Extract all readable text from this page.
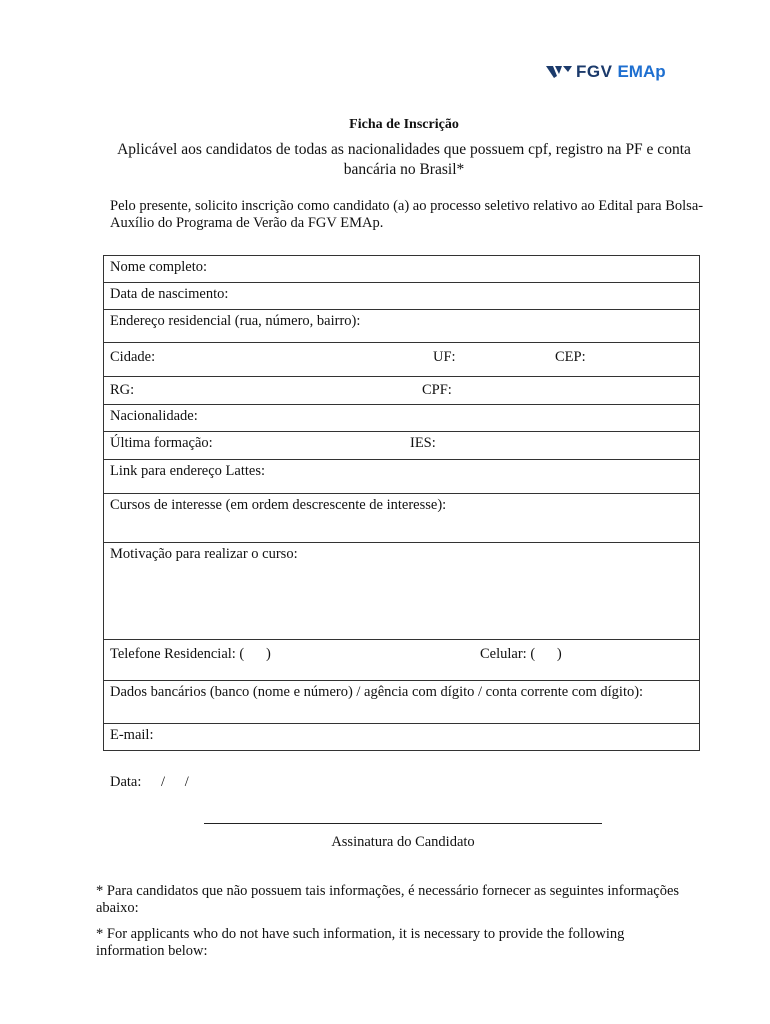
FGV EMAp
Ficha de Inscrição
Aplicável aos candidatos de todas as nacionalidades que possuem cpf, registro na PF e conta bancária no Brasil*
Pelo presente, solicito inscrição como candidato (a) ao processo seletivo relativo ao Edital para Bolsa-Auxílio do Programa de Verão da FGV EMAp.
Nome completo:
Data de nascimento:
Endereço residencial (rua, número, bairro):
Cidade:	UF:	CEP:

RG:	CPF:

Nacionalidade:
Última formação:	IES:

Link para endereço Lattes:
Cursos de interesse (em ordem descrescente de interesse):
Motivação para realizar o curso:
Telefone Residencial: (      )	Celular: (      )

Dados bancários (banco (nome e número) / agência com dígito / conta corrente com dígito):
E-mail:
Data: / /
Assinatura do Candidato
* Para candidatos que não possuem tais informações, é necessário fornecer as seguintes informações abaixo:
* For applicants who do not have such information, it is necessary to provide the following information below:
